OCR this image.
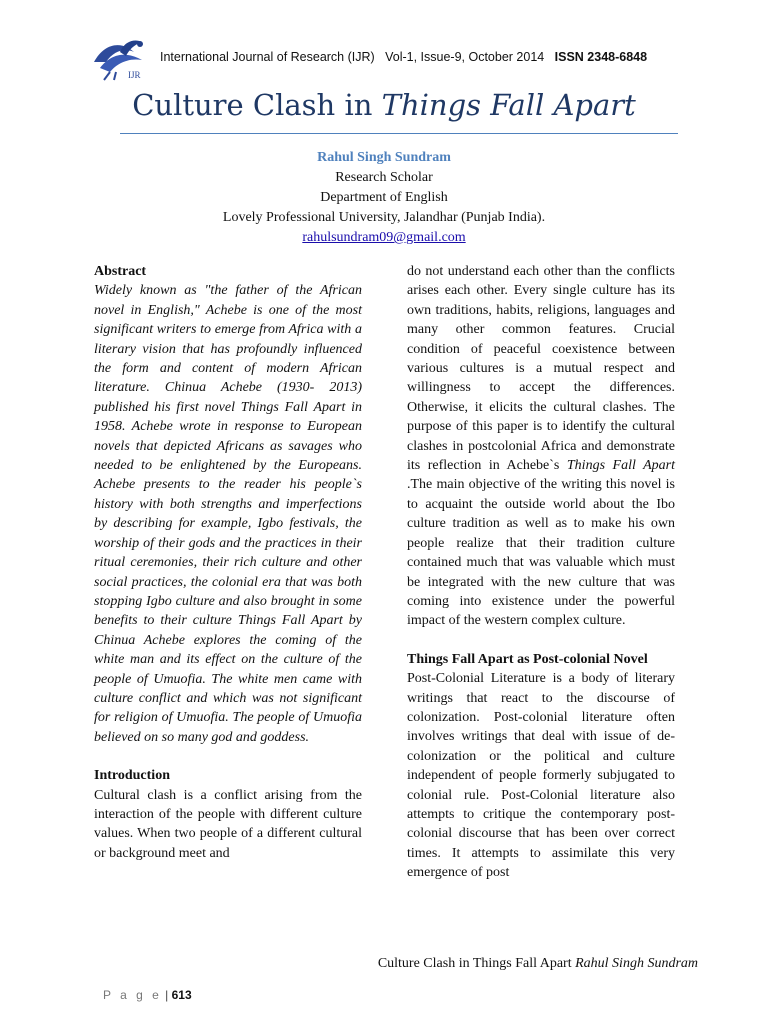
IJR
International Journal of Research (IJR) Vol-1, Issue-9, October 2014 ISSN 2348-6848
Culture Clash in Things Fall Apart
Rahul Singh Sundram
Research Scholar
Department of English
Lovely Professional University, Jalandhar (Punjab India).
rahulsundram09@gmail.com
Abstract

Widely known as "the father of the African novel in English," Achebe is one of the most significant writers to emerge from Africa with a literary vision that has profoundly influenced the form and content of modern African literature. Chinua Achebe (1930- 2013) published his first novel Things Fall Apart in 1958. Achebe wrote in response to European novels that depicted Africans as savages who needed to be enlightened by the Europeans. Achebe presents to the reader his people`s history with both strengths and imperfections by describing for example, Igbo festivals, the worship of their gods and the practices in their ritual ceremonies, their rich culture and other social practices, the colonial era that was both stopping Igbo culture and also brought in some benefits to their culture Things Fall Apart by Chinua Achebe explores the coming of the white man and its effect on the culture of the people of Umuofia. The white men came with culture conflict and which was not significant for religion of Umuofia. The people of Umuofia believed on so many god and goddess.

Introduction

Cultural clash is a conflict arising from the interaction of the people with different culture values. When two people of a different cultural or background meet and

do not understand each other than the conflicts arises each other. Every single culture has its own traditions, habits, religions, languages and many other common features. Crucial condition of peaceful coexistence between various cultures is a mutual respect and willingness to accept the differences. Otherwise, it elicits the cultural clashes. The purpose of this paper is to identify the cultural clashes in postcolonial Africa and demonstrate its reflection in Achebe`s Things Fall Apart .The main objective of the writing this novel is to acquaint the outside world about the Ibo culture tradition as well as to make his own people realize that their tradition culture contained much that was valuable which must be integrated with the new culture that was coming into existence under the powerful impact of the western complex culture.

Things Fall Apart as Post-colonial Novel

Post-Colonial Literature is a body of literary writings that react to the discourse of colonization. Post-colonial literature often involves writings that deal with issue of de-colonization or the political and culture independent of people formerly subjugated to colonial rule. Post-Colonial literature also attempts to critique the contemporary post-colonial discourse that has been over correct times. It attempts to assimilate this very emergence of post

Culture Clash in Things Fall Apart Rahul Singh Sundram
P a g e | 613
